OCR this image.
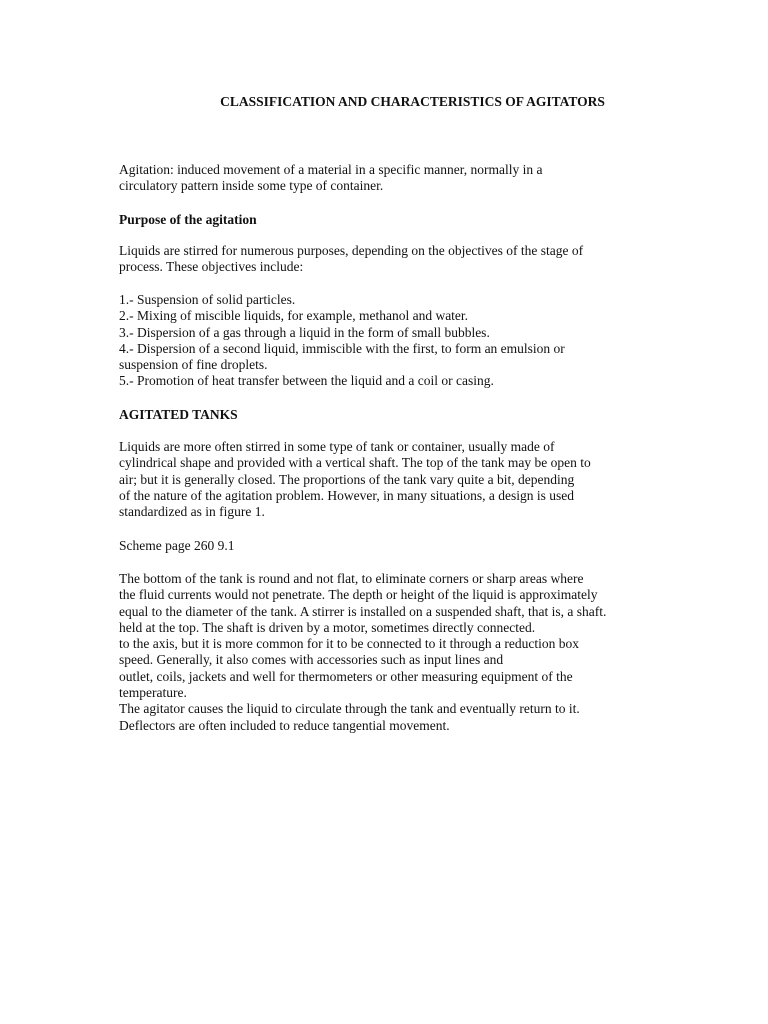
CLASSIFICATION AND CHARACTERISTICS OF AGITATORS
Agitation: induced movement of a material in a specific manner, normally in a
circulatory pattern inside some type of container.
Purpose of the agitation
Liquids are stirred for numerous purposes, depending on the objectives of the stage of
process. These objectives include:
1.- Suspension of solid particles.
2.- Mixing of miscible liquids, for example, methanol and water.
3.- Dispersion of a gas through a liquid in the form of small bubbles.
4.- Dispersion of a second liquid, immiscible with the first, to form an emulsion or
suspension of fine droplets.
5.- Promotion of heat transfer between the liquid and a coil or casing.
AGITATED TANKS
Liquids are more often stirred in some type of tank or container, usually made of
cylindrical shape and provided with a vertical shaft. The top of the tank may be open to
air; but it is generally closed. The proportions of the tank vary quite a bit, depending
of the nature of the agitation problem. However, in many situations, a design is used
standardized as in figure 1.
Scheme page 260 9.1
The bottom of the tank is round and not flat, to eliminate corners or sharp areas where
the fluid currents would not penetrate. The depth or height of the liquid is approximately
equal to the diameter of the tank. A stirrer is installed on a suspended shaft, that is, a shaft.
held at the top. The shaft is driven by a motor, sometimes directly connected.
to the axis, but it is more common for it to be connected to it through a reduction box
speed. Generally, it also comes with accessories such as input lines and
outlet, coils, jackets and well for thermometers or other measuring equipment of the
temperature.
The agitator causes the liquid to circulate through the tank and eventually return to it.
Deflectors are often included to reduce tangential movement.
